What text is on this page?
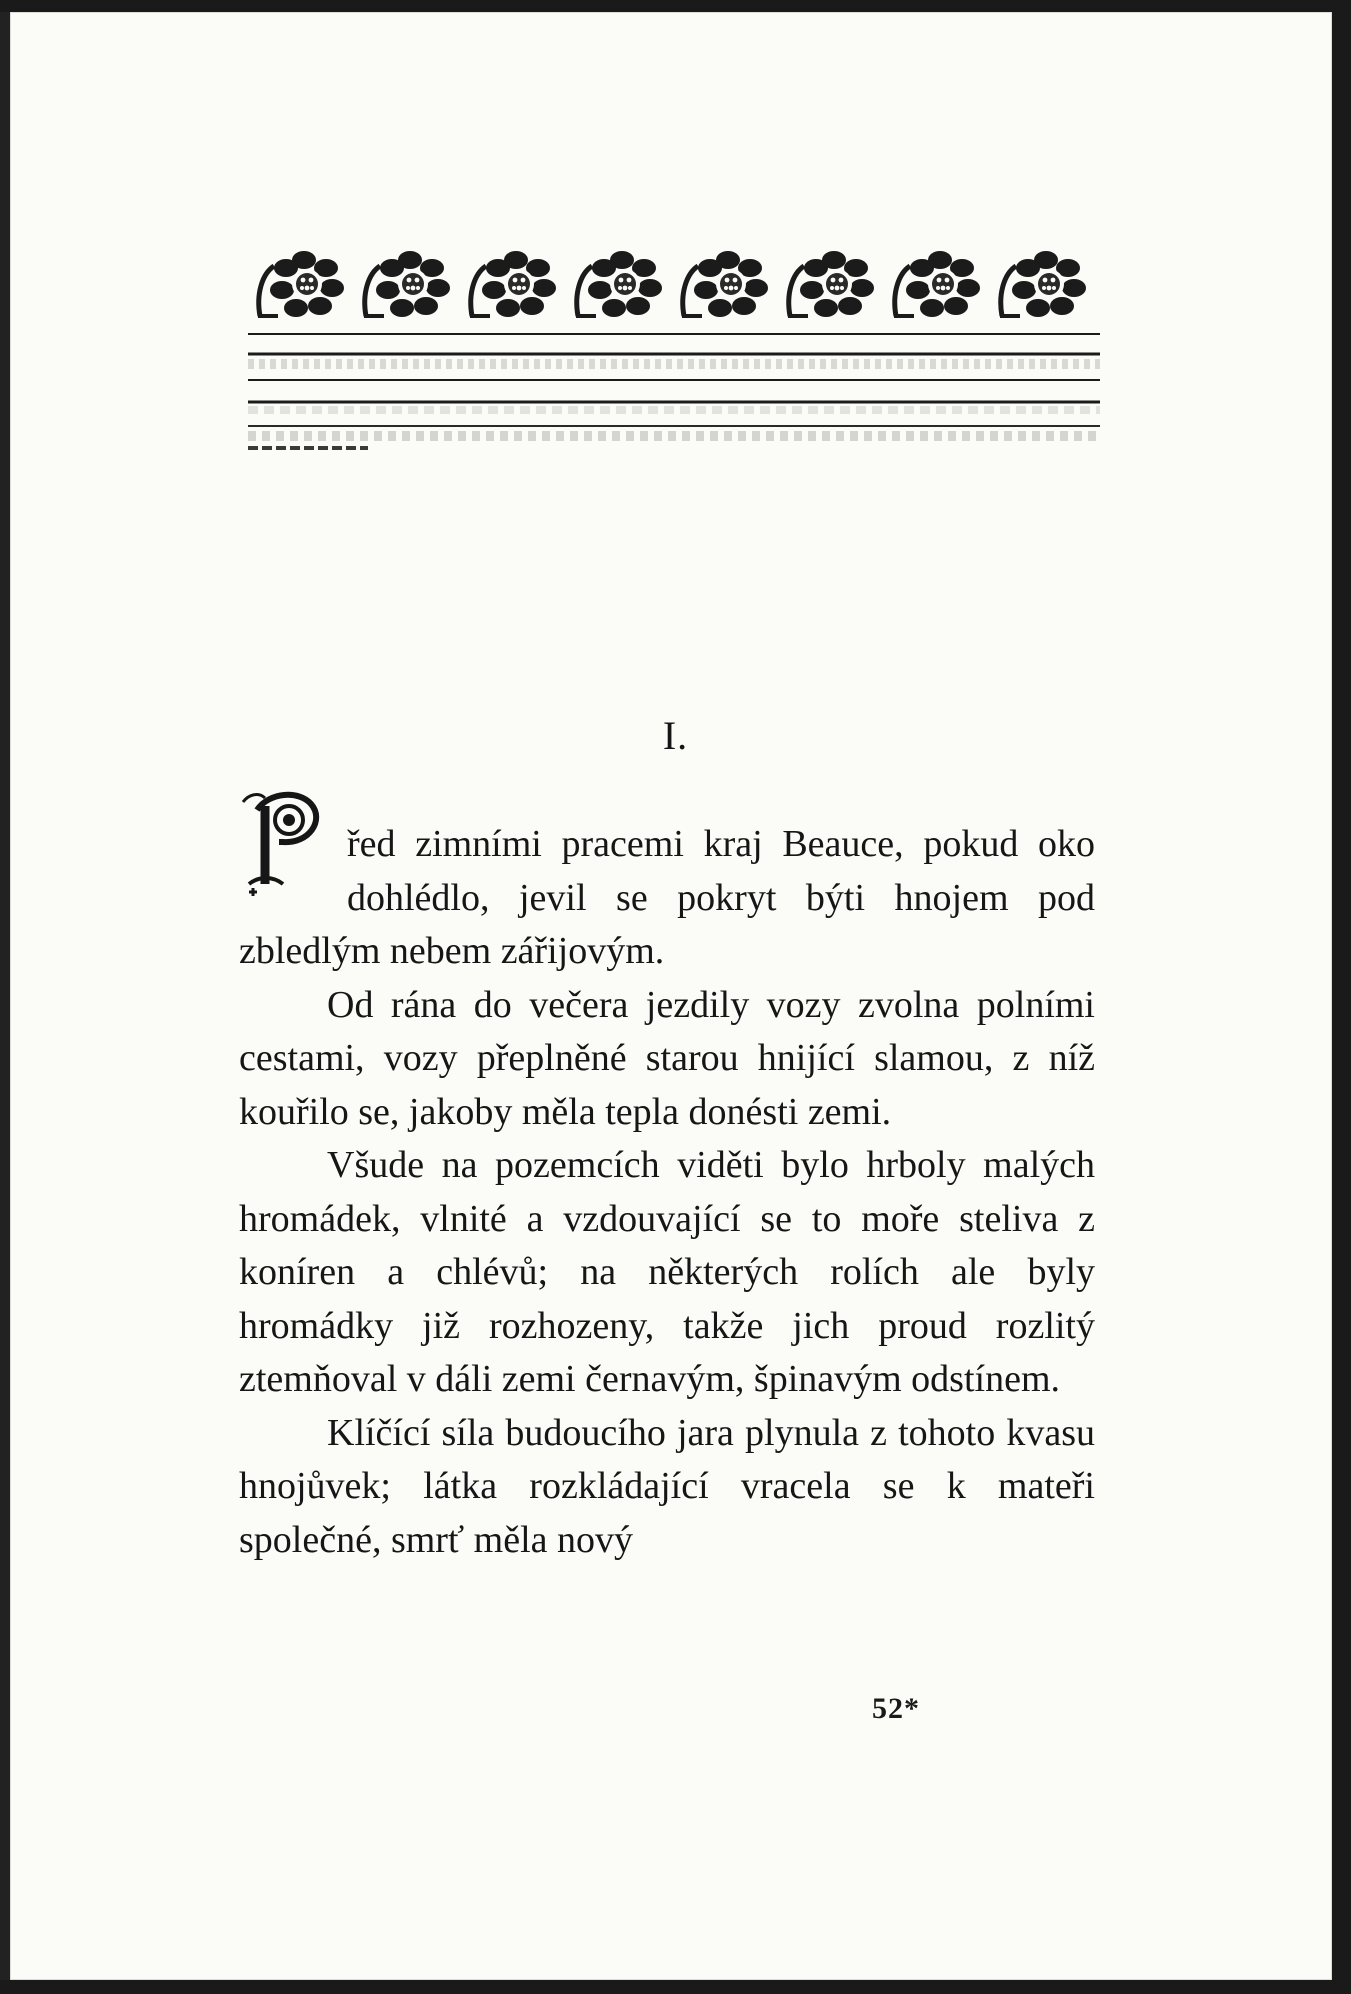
I.

řed zimními pracemi kraj Beauce, pokud oko dohlédlo, jevil se pokryt býti hnojem pod zbledlým nebem zářijovým.

Od rána do večera jezdily vozy zvolna polními cestami, vozy přeplněné starou hnijící slamou, z níž kouřilo se, jakoby měla tepla donésti zemi.

Všude na pozemcích viděti bylo hrboly malých hromádek, vlnité a vzdouvající se to moře steliva z koníren a chlévů; na některých rolích ale byly hromádky již rozhozeny, takže jich proud rozlitý ztemňoval v dáli zemi černavým, špinavým odstínem.

Klíčící síla budoucího jara plynula z tohoto kvasu hnojůvek; látka rozkládající vracela se k mateři společné, smrť měla nový

52*
